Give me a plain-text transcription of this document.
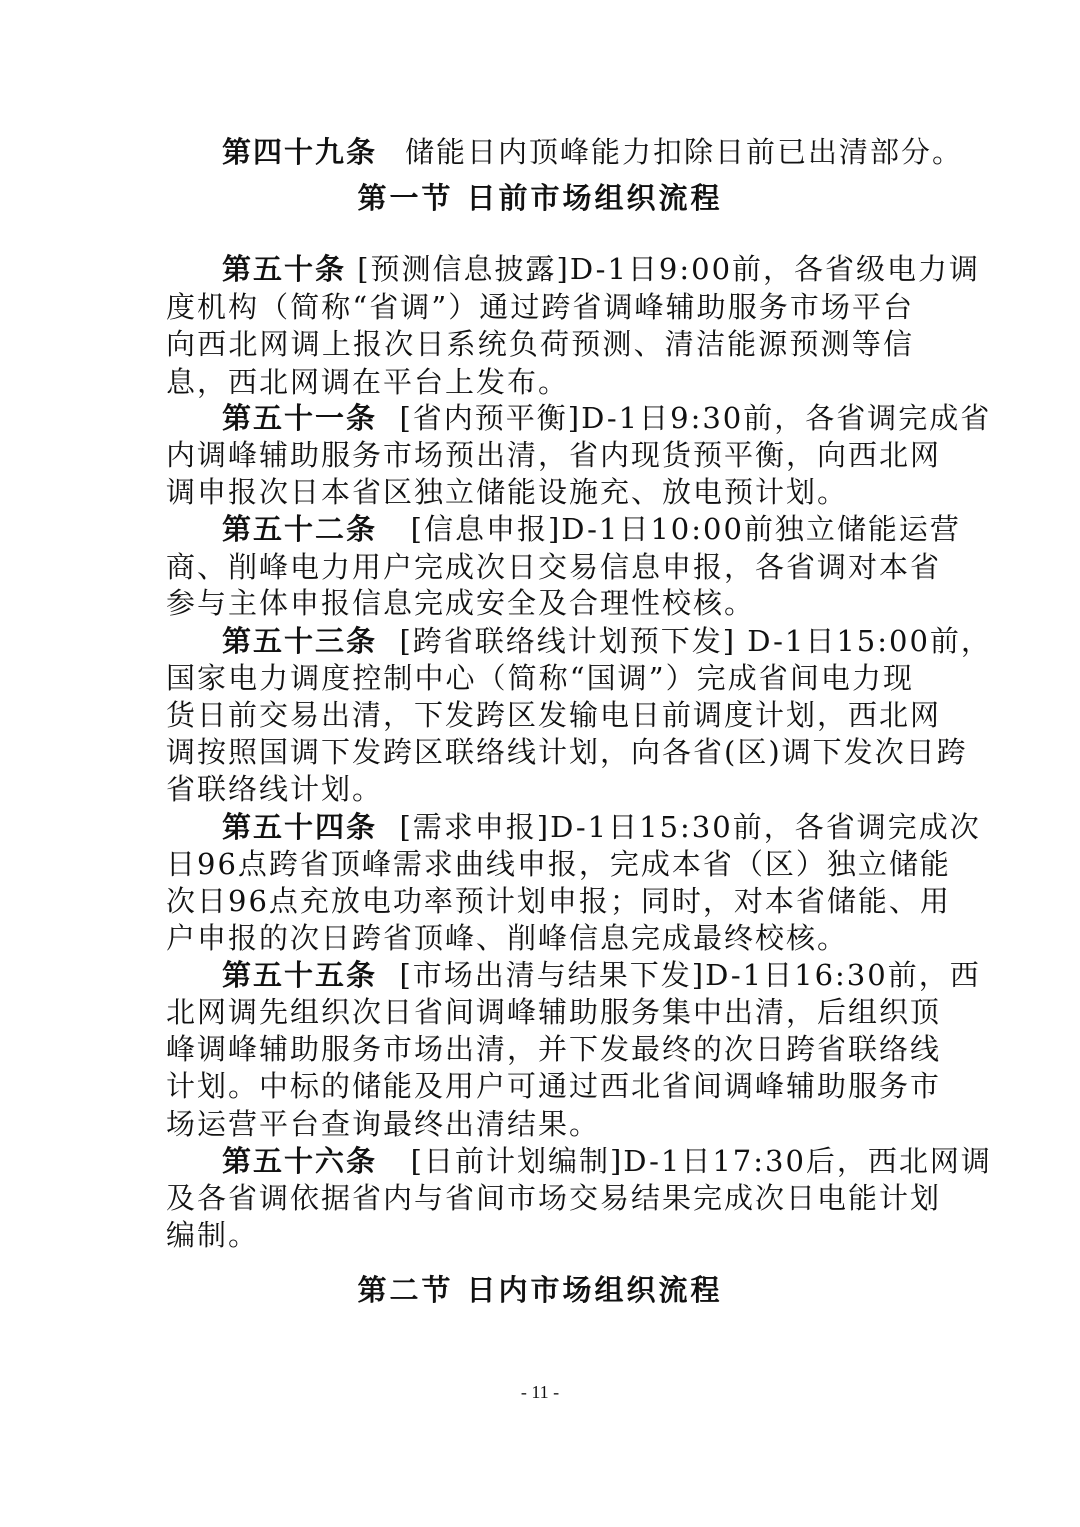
第四十九条 储能日内顶峰能力扣除日前已出清部分。
第一节 日前市场组织流程
第五十条 [预测信息披露]D-1日9:00前，各省级电力调
度机构（简称“省调”）通过跨省调峰辅助服务市场平台
向西北网调上报次日系统负荷预测、清洁能源预测等信
息，西北网调在平台上发布。
第五十一条 [省内预平衡]D-1日9:30前，各省调完成省
内调峰辅助服务市场预出清，省内现货预平衡，向西北网
调申报次日本省区独立储能设施充、放电预计划。
第五十二条 [信息申报]D-1日10:00前独立储能运营
商、削峰电力用户完成次日交易信息申报，各省调对本省
参与主体申报信息完成安全及合理性校核。
第五十三条 [跨省联络线计划预下发] D-1日15:00前，
国家电力调度控制中心（简称“国调”）完成省间电力现
货日前交易出清，下发跨区发输电日前调度计划，西北网
调按照国调下发跨区联络线计划，向各省(区)调下发次日跨
省联络线计划。
第五十四条 [需求申报]D-1日15:30前，各省调完成次
日96点跨省顶峰需求曲线申报，完成本省（区）独立储能
次日96点充放电功率预计划申报；同时，对本省储能、用
户申报的次日跨省顶峰、削峰信息完成最终校核。
第五十五条 [市场出清与结果下发]D-1日16:30前，西
北网调先组织次日省间调峰辅助服务集中出清，后组织顶
峰调峰辅助服务市场出清，并下发最终的次日跨省联络线
计划。中标的储能及用户可通过西北省间调峰辅助服务市
场运营平台查询最终出清结果。
第五十六条 [日前计划编制]D-1日17:30后，西北网调
及各省调依据省内与省间市场交易结果完成次日电能计划
编制。
第二节 日内市场组织流程
- 11 -
